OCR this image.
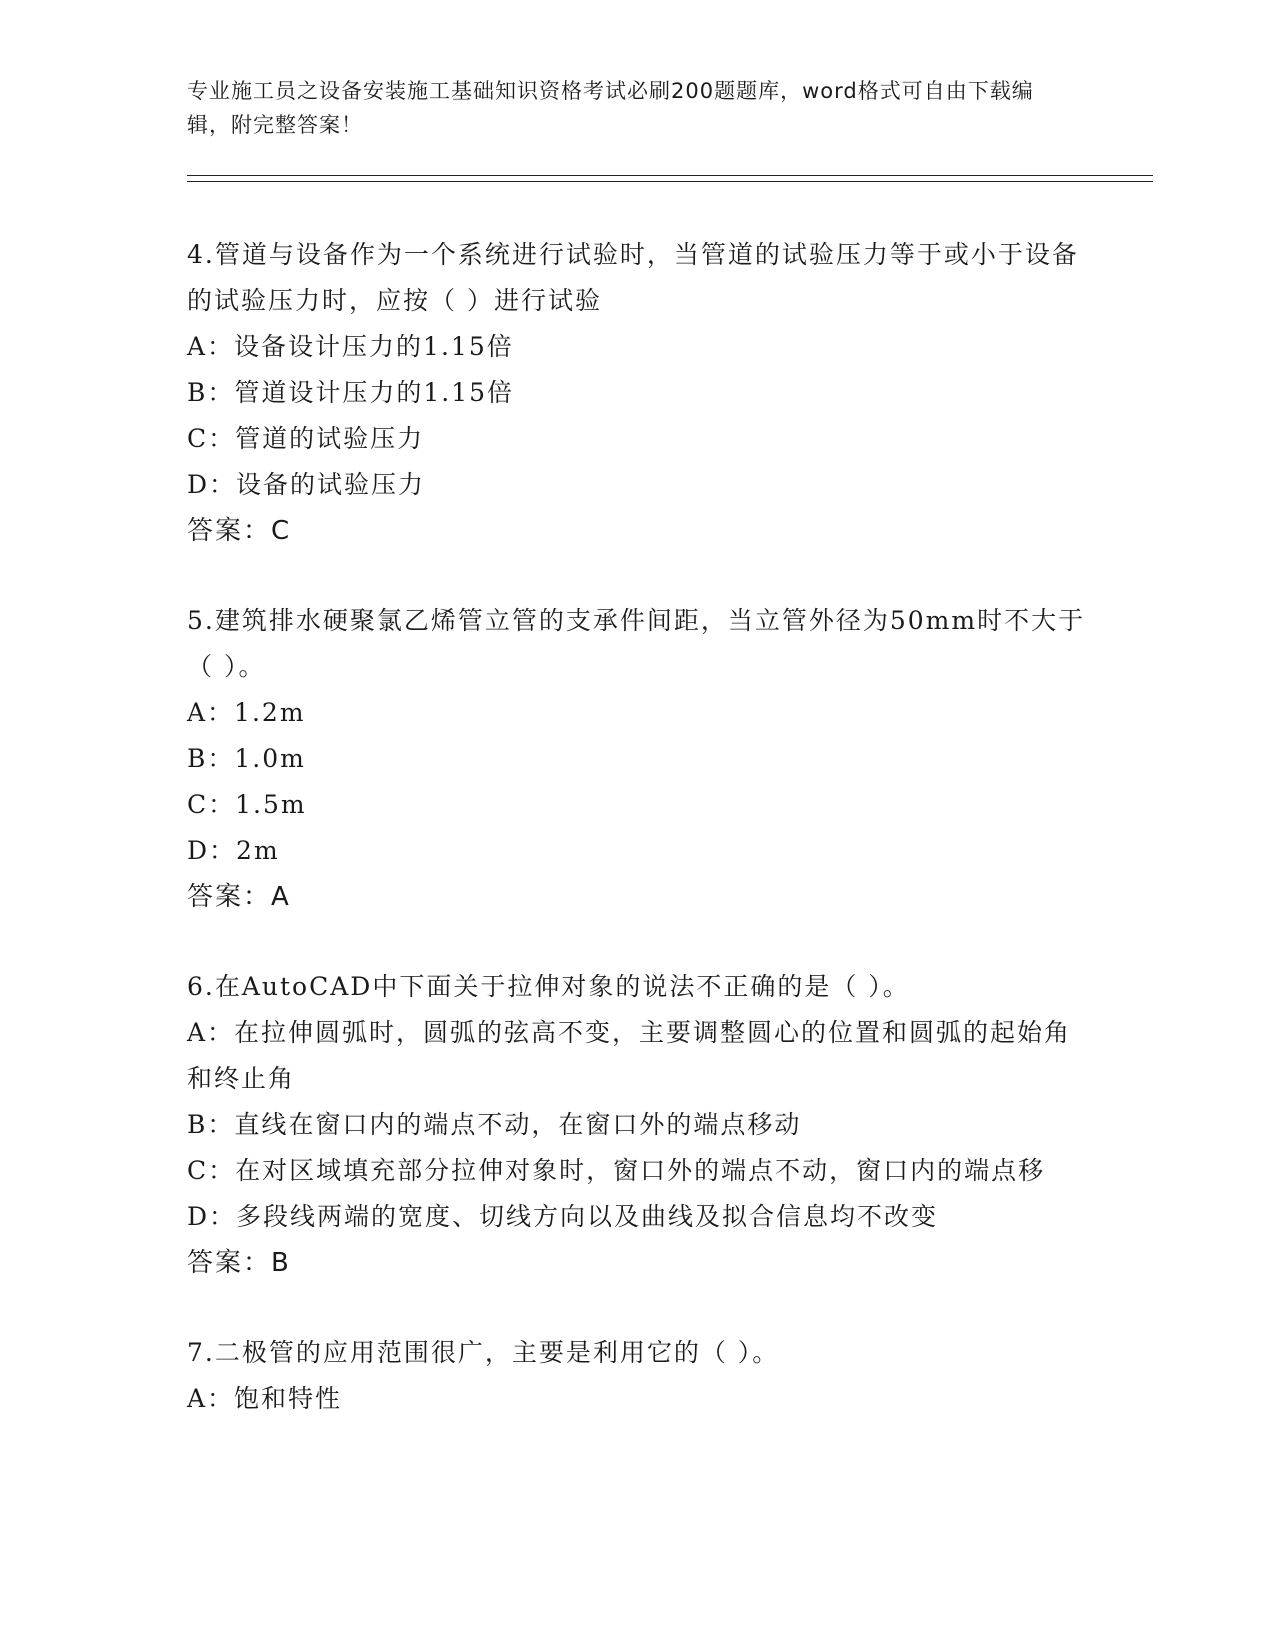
专业施工员之设备安装施工基础知识资格考试必刷200题题库，word格式可自由下载编辑，附完整答案！

4.管道与设备作为一个系统进行试验时，当管道的试验压力等于或小于设备的试验压力时，应按（ ）进行试验

A：设备设计压力的1.15倍

B：管道设计压力的1.15倍

C：管道的试验压力

D：设备的试验压力

答案：C

5.建筑排水硬聚氯乙烯管立管的支承件间距，当立管外径为50mm时不大于（ ）。

A：1.2m

B：1.0m

C：1.5m

D：2m

答案：A

6.在AutoCAD中下面关于拉伸对象的说法不正确的是（ ）。

A：在拉伸圆弧时，圆弧的弦高不变，主要调整圆心的位置和圆弧的起始角和终止角

B：直线在窗口内的端点不动，在窗口外的端点移动

C：在对区域填充部分拉伸对象时，窗口外的端点不动，窗口内的端点移

D：多段线两端的宽度、切线方向以及曲线及拟合信息均不改变

答案：B

7.二极管的应用范围很广，主要是利用它的（ ）。

A：饱和特性
